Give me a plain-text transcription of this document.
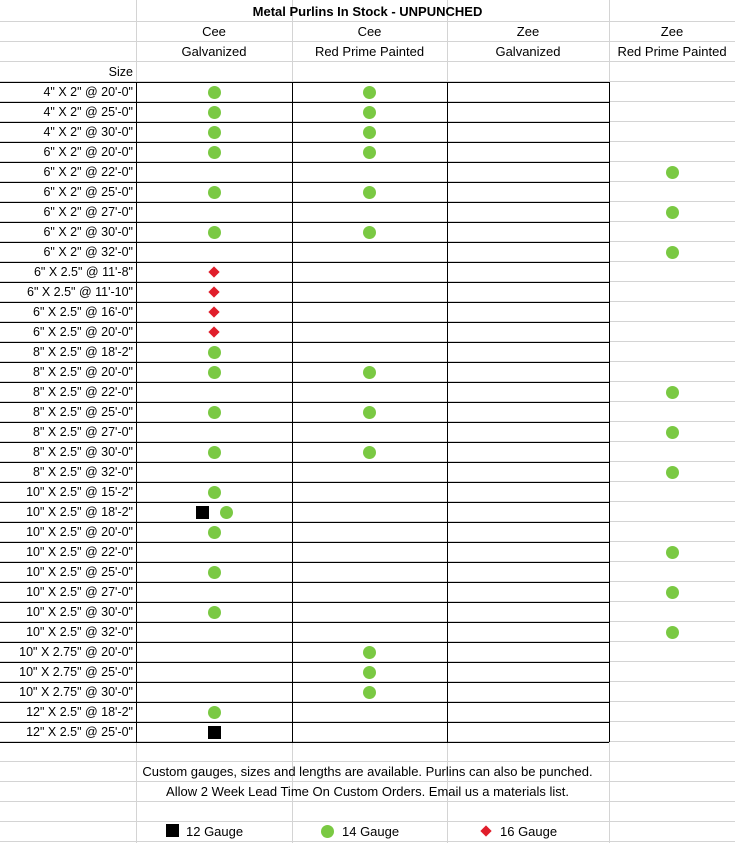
Metal Purlins In Stock - UNPUNCHED
Cee
Galvanized
Cee
Red Prime Painted
Zee
Galvanized
Zee
Red Prime Painted
Size
4" X 2" @ 20'-0"
4" X 2" @ 25'-0"
4" X 2" @ 30'-0"
6" X 2" @ 20'-0"
6" X 2" @ 22'-0"
6" X 2" @ 25'-0"
6" X 2" @ 27'-0"
6" X 2" @ 30'-0"
6" X 2" @ 32'-0"
6" X 2.5" @ 11'-8"
6" X 2.5" @ 11'-10"
6" X 2.5" @ 16'-0"
6" X 2.5" @ 20'-0"
8" X 2.5" @ 18'-2"
8" X 2.5" @ 20'-0"
8" X 2.5" @ 22'-0"
8" X 2.5" @ 25'-0"
8" X 2.5" @ 27'-0"
8" X 2.5" @ 30'-0"
8" X 2.5" @ 32'-0"
10" X 2.5" @ 15'-2"
10" X 2.5" @ 18'-2"
10" X 2.5" @ 20'-0"
10" X 2.5" @ 22'-0"
10" X 2.5" @ 25'-0"
10" X 2.5" @ 27'-0"
10" X 2.5" @ 30'-0"
10" X 2.5" @ 32'-0"
10" X 2.75" @ 20'-0"
10" X 2.75" @ 25'-0"
10" X 2.75" @ 30'-0"
12" X 2.5" @ 18'-2"
12" X 2.5" @ 25'-0"
Custom gauges, sizes and lengths are available. Purlins can also be punched.
Allow 2 Week Lead Time On Custom Orders. Email us a materials list.
12 Gauge	14 Gauge	16 Gauge
